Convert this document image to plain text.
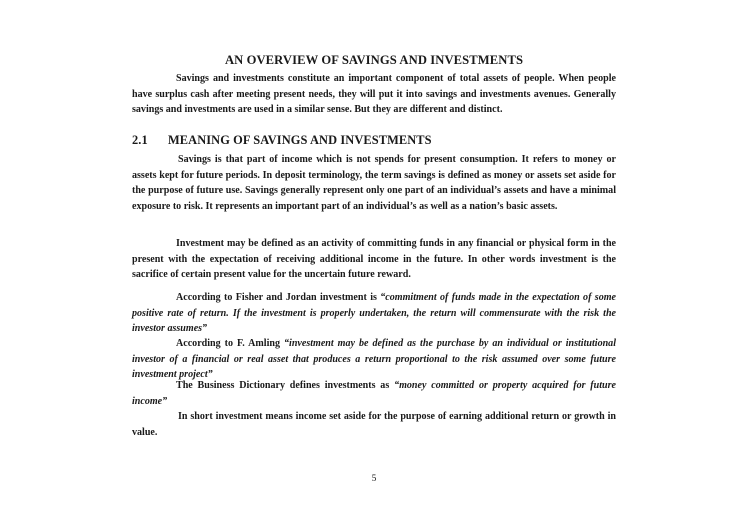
AN OVERVIEW OF SAVINGS AND INVESTMENTS

Savings and investments constitute an important component of total assets of people. When people have surplus cash after meeting present needs, they will put it into savings and investments avenues. Generally savings and investments are used in a similar sense. But they are different and distinct.

2.1 MEANING OF SAVINGS AND INVESTMENTS

Savings is that part of income which is not spends for present consumption. It refers to money or assets kept for future periods. In deposit terminology, the term savings is defined as money or assets set aside for the purpose of future use. Savings generally represent only one part of an individual’s assets and have a minimal exposure to risk. It represents an important part of an individual’s as well as a nation’s basic assets.

Investment may be defined as an activity of committing funds in any financial or physical form in the present with the expectation of receiving additional income in the future. In other words investment is the sacrifice of certain present value for the uncertain future reward.

According to Fisher and Jordan investment is “commitment of funds made in the expectation of some positive rate of return. If the investment is properly undertaken, the return will commensurate with the risk the investor assumes”

According to F. Amling “investment may be defined as the purchase by an individual or institutional investor of a financial or real asset that produces a return proportional to the risk assumed over some future investment project”

The Business Dictionary defines investments as “money committed or property acquired for future income”

In short investment means income set aside for the purpose of earning additional return or growth in value.

5
